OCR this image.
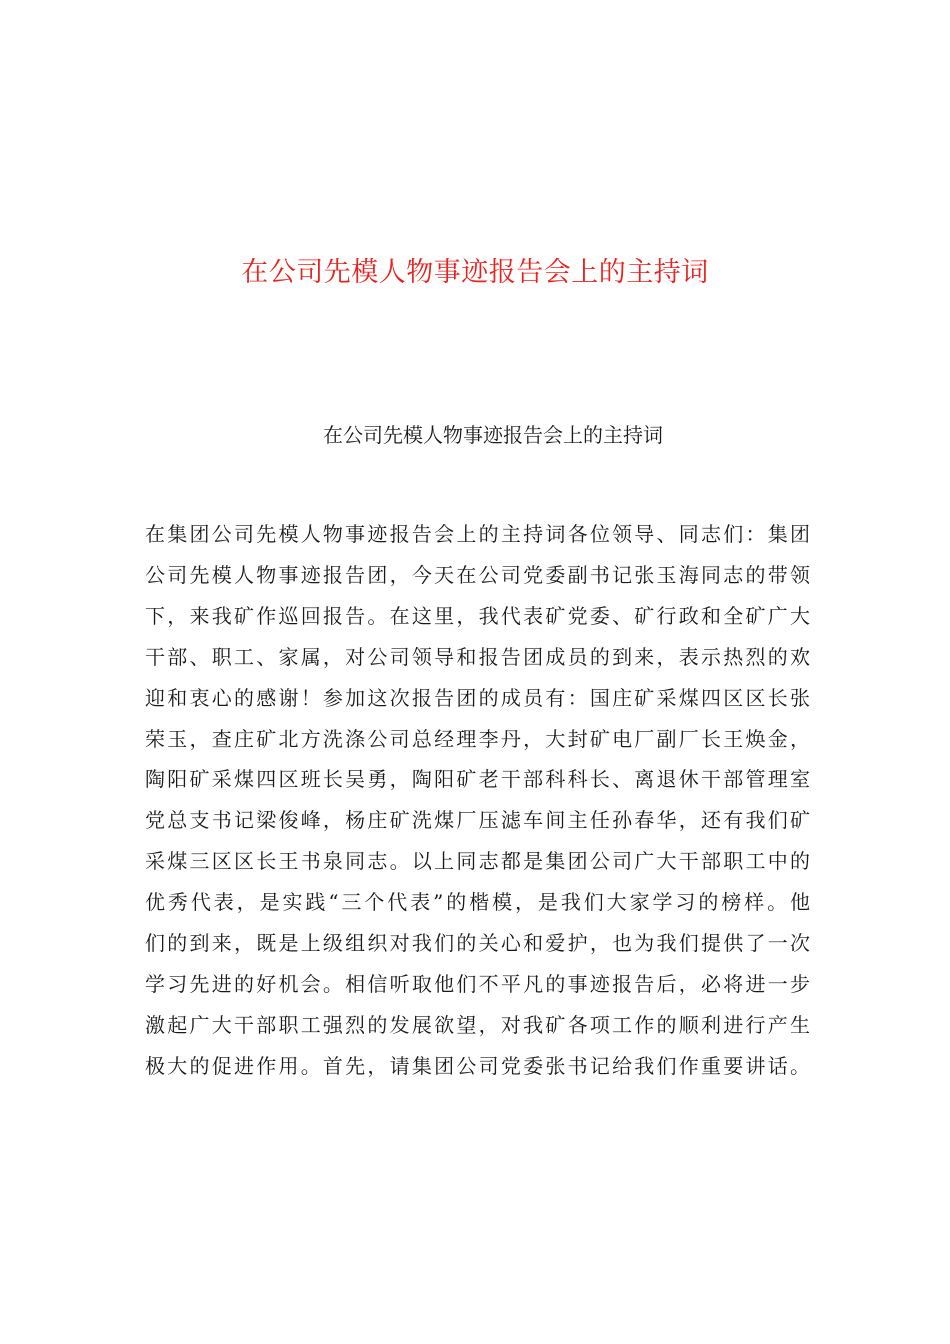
在公司先模人物事迹报告会上的主持词
在公司先模人物事迹报告会上的主持词
在集团公司先模人物事迹报告会上的主持词各位领导、同志们：集团
公司先模人物事迹报告团，今天在公司党委副书记张玉海同志的带领
下，来我矿作巡回报告。在这里，我代表矿党委、矿行政和全矿广大
干部、职工、家属，对公司领导和报告团成员的到来，表示热烈的欢
迎和衷心的感谢！参加这次报告团的成员有：国庄矿采煤四区区长张
荣玉，查庄矿北方洗涤公司总经理李丹，大封矿电厂副厂长王焕金，
陶阳矿采煤四区班长吴勇，陶阳矿老干部科科长、离退休干部管理室
党总支书记梁俊峰，杨庄矿洗煤厂压滤车间主任孙春华，还有我们矿
采煤三区区长王书泉同志。以上同志都是集团公司广大干部职工中的
优秀代表，是实践“三个代表”的楷模，是我们大家学习的榜样。他
们的到来，既是上级组织对我们的关心和爱护，也为我们提供了一次
学习先进的好机会。相信听取他们不平凡的事迹报告后，必将进一步
激起广大干部职工强烈的发展欲望，对我矿各项工作的顺利进行产生
极大的促进作用。首先，请集团公司党委张书记给我们作重要讲话。
